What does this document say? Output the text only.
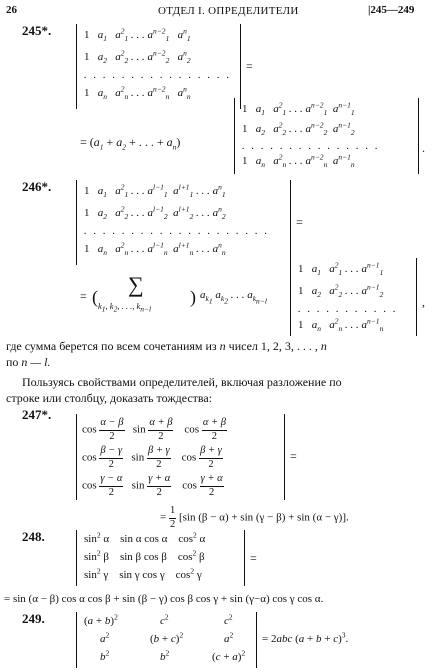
26	ОТДЕЛ I. ОПРЕДЕЛИТЕЛИ	|245—249
245*.	1 $a_1$ $a^2_1$ . . . $a^{n-2}_1$ $a^n_1$
1 $a_2$ $a^2_2$ . . . $a^{n-2}_2$ $a^n_2$
. . . . . . . . . . . . . . . .
1 $a_n$ $a^2_n$ . . . $a^{n-2}_n$ $a^n_n$
=
= ($a_1 + a_2$ + . . . + $a_n$)
1 $a_1$ $a^2_1$ . . . $a^{n-2}_1$ $a^{n-1}_1$
1 $a_2$ $a^2_2$ . . . $a^{n-2}_2$ $a^{n-1}_2$
. . . . . . . . . . . . . . .
1 $a_n$ $a^2_n$ . . . $a^{n-2}_n$ $a^{n-1}_n$
.
246*.	1 $a_1$ $a^2_1$ . . . $a^{l-1}_1$ $a^{l+1}_1$ . . . $a^n_1$
1 $a_2$ $a^2_2$ . . . $a^{l-1}_2$ $a^{l+1}_2$ . . . $a^n_2$
. . . . . . . . . . . . . . . . . . . .
1 $a_n$ $a^2_n$ . . . $a^{l-1}_n$ $a^{l+1}_n$ . . . $a^n_n$
=
= ( $k_1$, $k_2$, . . ., $k_{n-l}$
∑	) $a_{k_1}$ $a_{k_2}$ . . . $a_{k_{n-l}}$
1 $a_1$ $a^2_1$ . . . $a^{n-1}_1$
1 $a_2$ $a^2_2$ . . . $a^{n-1}_2$
. . . . . . . . . . .
1 $a_n$ $a^2_n$ . . . $a^{n-1}_n$
,
где сумма берется по всем сочетаниям из n чисел 1, 2, 3, . . . , n
по n — l.
Пользуясь свойствами определителей, включая разложение по
строке или столбцу, доказать тождества:
247*.
$\cos \frac{\alpha - \beta}{2}$ $\sin \frac{\alpha + \beta}{2}$ $\cos \frac{\alpha + \beta}{2}$
$\cos \frac{\beta - \gamma}{2}$ $\sin \frac{\beta + \gamma}{2}$ $\cos \frac{\beta + \gamma}{2}$
$\cos \frac{\gamma - \alpha}{2}$ $\sin \frac{\gamma + \alpha}{2}$ $\cos \frac{\gamma + \alpha}{2}$
=
= $\frac{1}{2} [\sin$ (β − α) + sin (γ − β) + sin (α − γ)].
248.	$\sin^2 \alpha$    sin α cos α    $\cos^2 \alpha$
$\sin^2 \beta$    sin β cos β    $\cos^2 \beta$
$\sin^2 \gamma$    sin γ cos γ    $\cos^2 \gamma$
=
= sin (α − β) cos α cos β + sin (β − γ) cos β cos γ + sin (γ−α) cos γ cos α.
249.	$(a + b)^2$	$c^2$	$c^2$
$a^2$	$(b + c)^2$	$a^2$
$b^2$	$b^2$	$(c + a)^2$
= 2abc $(a + b + c)^3$.
